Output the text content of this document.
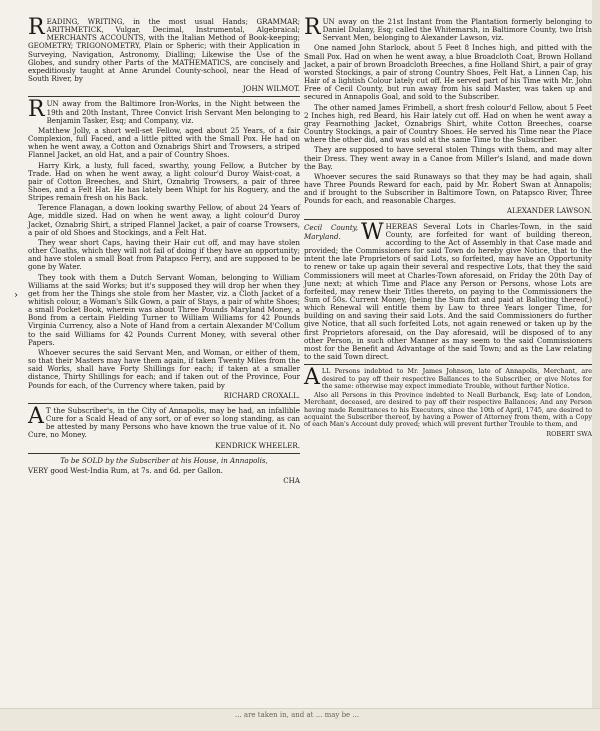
R EADING, WRITING, in the most usual Hands; GRAMMAR; ARITHMETICK, Vulgar, Decimal, Instrumental, Algebraical; MERCHANTS ACCOUNTS, with the Italian Method of Book-keeping; GEOMETRY; TRIGONOMETRY, Plain or Spheric; with their Application in Surveying, Navigation, Astronomy, Dialling; Likewise the Use of the Globes, and sundry other Parts of the MATHEMATICS, are concisely and expeditiously taught at Anne Arundel County-school, near the Head of South River, by

JOHN WILMOT.

R UN away from the Baltimore Iron-Works, in the Night between the 19th and 20th Instant, Three Convict Irish Servant Men belonging to Benjamin Tasker, Esq; and Company, viz.

Matthew Jolly, a short well-set Fellow, aged about 25 Years, of a fair Complexion, full Faced, and a little pitted with the Small Pox. He had on when he went away, a Cotton and Oznabrigs Shirt and Trowsers, a striped Flannel Jacket, an old Hat, and a pair of Country Shoes.

Harry Kirk, a lusty, full faced, swarthy, young Fellow, a Butcher by Trade. Had on when he went away, a light colour'd Duroy Waist-coat, a pair of Cotton Breeches, and Shirt, Oznabrig Trowsers, a pair of three Shoes, and a Felt Hat. He has lately been Whipt for his Roguery, and the Stripes remain fresh on his Back.

Terence Flanagan, a down looking swarthy Fellow, of about 24 Years of Age, middle sized. Had on when he went away, a light colour'd Duroy Jacket, Oznabrig Shirt, a striped Flannel Jacket, a pair of coarse Trowsers, a pair of old Shoes and Stockings, and a Felt Hat.

They wear short Caps, having their Hair cut off, and may have stolen other Cloaths, which they will not fail of doing if they have an opportunity; and have stolen a small Boat from Patapsco Ferry, and are supposed to be gone by Water.

They took with them a Dutch Servant Woman, belonging to William Williams at the said Works; but it's supposed they will drop her when they get from her the Things she stole from her Master, viz. a Cloth Jacket of a whitish colour, a Woman's Silk Gown, a pair of Stays, a pair of white Shoes; a small Pocket Book, wherein was about Three Pounds Maryland Money, a Bond from a certain Fielding Turner to William Williams for 42 Pounds Virginia Currency, also a Note of Hand from a certain Alexander M'Collum to the said Williams for 42 Pounds Current Money, with several other Papers.

Whoever secures the said Servant Men, and Woman, or either of them, so that their Masters may have them again, if taken Twenty Miles from the said Works, shall have Forty Shillings for each; if taken at a smaller distance, Thirty Shillings for each; and if taken out of the Province, Four Pounds for each, of the Currency where taken, paid by

RICHARD CROXALL.

A T the Subscriber's, in the City of Annapolis, may be had, an infallible Cure for a Scald Head of any sort, or of ever so long standing, as can be attested by many Persons who have known the true value of it. No Cure, no Money.

KENDRICK WHEELER.

To be SOLD by the Subscriber at his House, in Annapolis,

VERY good West-India Rum, at 7s. and 6d. per Gallon.

CHA

R UN away on the 21st Instant from the Plantation formerly belonging to Daniel Dulany, Esq; called the Whitemarsh, in Baltimore County, two Irish Servant Men, belonging to Alexander Lawson, viz.

One named John Starlock, about 5 Feet 8 Inches high, and pitted with the Small Pox. Had on when he went away, a blue Broadcloth Coat, Brown Holland Jacket, a pair of brown Broadcloth Breeches, a fine Holland Shirt, a pair of gray worsted Stockings, a pair of strong Country Shoes, Felt Hat, a Linnen Cap, his Hair of a lightish Colour lately cut off. He served part of his Time with Mr. John Free of Cecil County, but run away from his said Master, was taken up and secured in Annapolis Goal, and sold to the Subscriber.

The other named James Frimbell, a short fresh colour'd Fellow, about 5 Feet 2 Inches high, red Beard, his Hair lately cut off. Had on when he went away a gray Fearnothing Jacket, Oznabrigs Shirt, white Cotton Breeches, coarse Country Stockings, a pair of Country Shoes. He served his Time near the Place where the other did, and was sold at the same Time to the Subscriber.

They are supposed to have several stolen Things with them, and may alter their Dress. They went away in a Canoe from Miller's Island, and made down the Bay.

Whoever secures the said Runaways so that they may be had again, shall have Three Pounds Reward for each, paid by Mr. Robert Swan at Annapolis; and if brought to the Subscriber in Baltimore Town, on Patapsco River, Three Pounds for each, and reasonable Charges.

ALEXANDER LAWSON.

Cecil County, Maryland. W HEREAS Several Lots in Charles-Town, in the said County, are forfeited for want of building thereon, according to the Act of Assembly in that Case made and provided; the Commissioners for said Town do hereby give Notice, that to the intent the late Proprietors of said Lots, so forfeited, may have an Opportunity to renew or take up again their several and respective Lots, that they the said Commissioners will meet at Charles-Town aforesaid, on Friday the 20th Day of June next; at which Time and Place any Person or Persons, whose Lots are forfeited, may renew their Titles thereto, on paying to the Commissioners the Sum of 50s. Current Money, (being the Sum fixt and paid at Balloting thereof,) which Renewal will entitle them by Law to three Years longer Time, for building on and saving their said Lots. And the said Commissioners do further give Notice, that all such forfeited Lots, not again renewed or taken up by the first Proprietors aforesaid, on the Day aforesaid, will be disposed of to any other Person, in such other Manner as may seem to the said Commissioners most for the Benefit and Advantage of the said Town; and as the Law relating to the said Town direct.

A LL Persons indebted to Mr. James Johnson, late of Annapolis, Merchant, are desired to pay off their respective Ballances to the Subscriber, or give Notes for the same: otherwise may expect immediate Trouble, without further Notice.

Also all Persons in this Province indebted to Neall Burbanck, Esq; late of London, Merchant, deceased, are desired to pay off their respective Ballances; And any Person having made Remittances to his Executors, since the 10th of April, 1745, are desired to acquaint the Subscriber thereof, by having a Power of Attorney from them, with a Copy of each Man's Account duly proved; which will prevent further Trouble to them, and

ROBERT SWA
›
... are taken in, and at ... may be ...
